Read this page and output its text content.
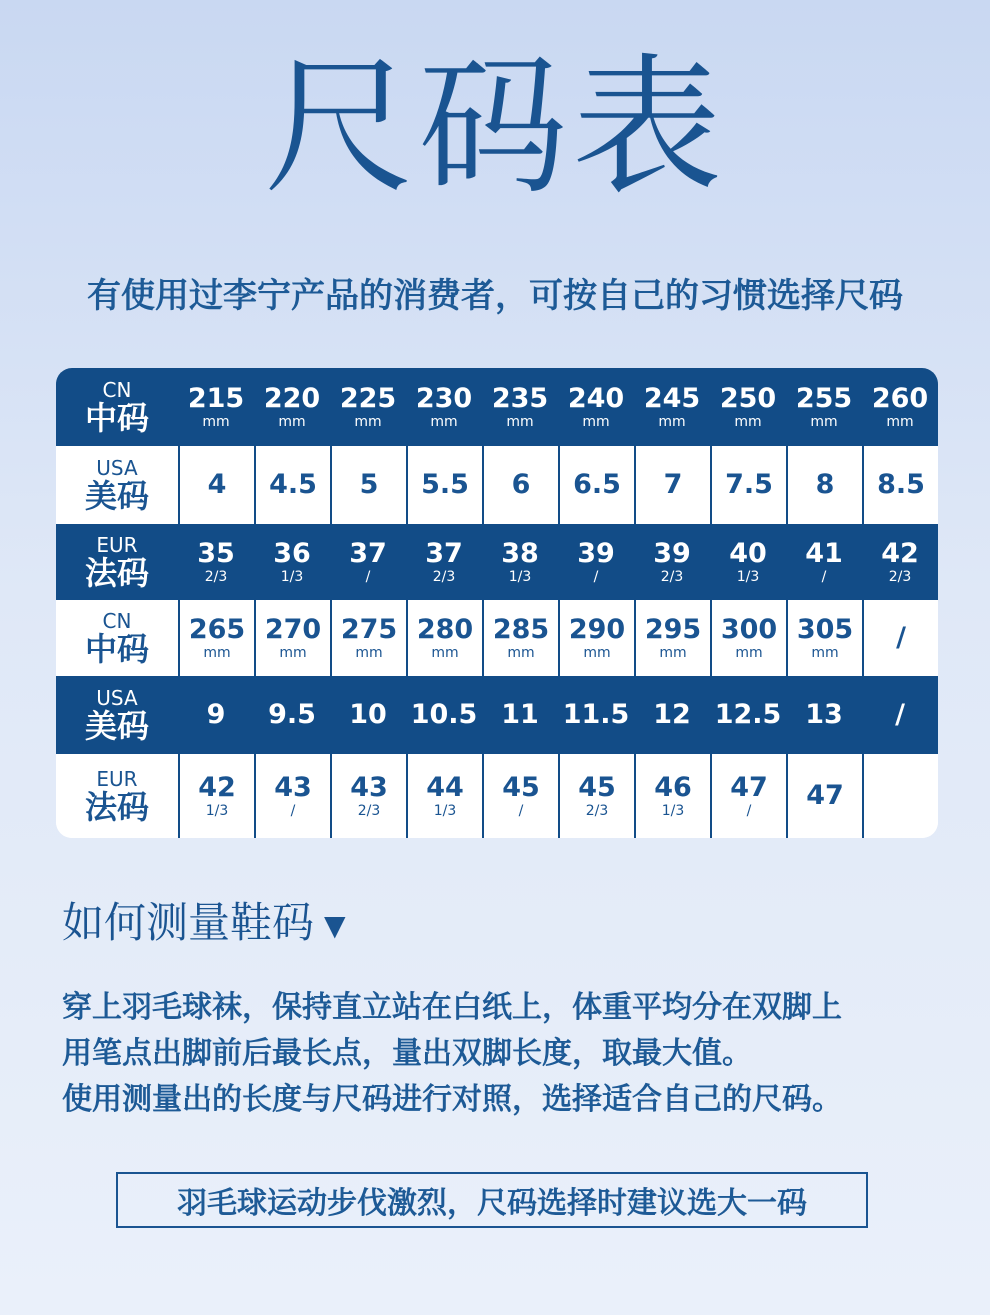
尺码表
有使用过李宁产品的消费者，可按自己的习惯选择尺码
CN
中码
215
mm
220
mm
225
mm
230
mm
235
mm
240
mm
245
mm
250
mm
255
mm
260
mm
USA
美码 4 4.5 5 5.5 6 6.5 7 7.5 8 8.5
EUR
法码
35
2/3
36
1/3
37
/
37
2/3
38
1/3
39
/
39
2/3
40
1/3
41
/
42
2/3
CN
中码
265
mm
270
mm
275
mm
280
mm
285
mm
290
mm
295
mm
300
mm
305
mm /
USA
美码 9 9.5 10 10.5 11 11.5 12 12.5 13 /
EUR
法码
42
1/3
43
/
43
2/3
44
1/3
45
/
45
2/3
46
1/3
47
/ 47
如何测量鞋码 ▼
穿上羽毛球袜，保持直立站在白纸上，体重平均分在双脚上
用笔点出脚前后最长点，量出双脚长度，取最大值。
使用测量出的长度与尺码进行对照，选择适合自己的尺码。
羽毛球运动步伐激烈，尺码选择时建议选大一码
